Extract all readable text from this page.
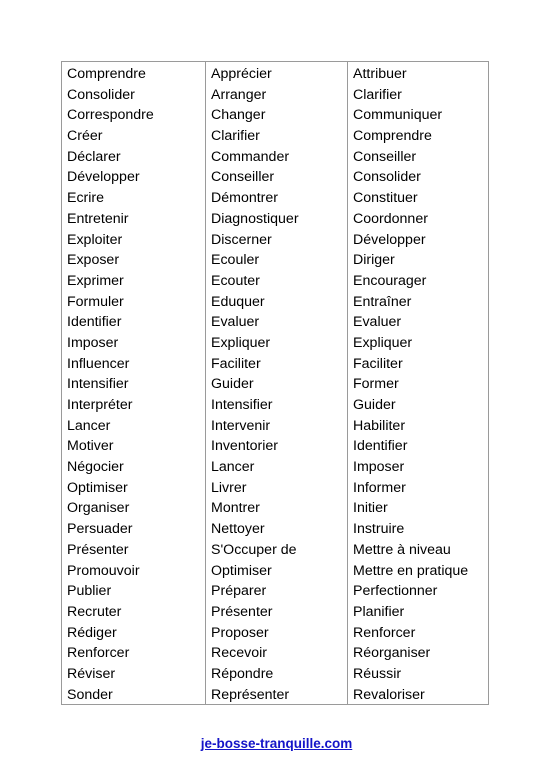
Comprendre
Consolider
Correspondre
Créer
Déclarer
Développer
Ecrire
Entretenir
Exploiter
Exposer
Exprimer
Formuler
Identifier
Imposer
Influencer
Intensifier
Interpréter
Lancer
Motiver
Négocier
Optimiser
Organiser
Persuader
Présenter
Promouvoir
Publier
Recruter
Rédiger
Renforcer
Réviser
Sonder
Apprécier
Arranger
Changer
Clarifier
Commander
Conseiller
Démontrer
Diagnostiquer
Discerner
Ecouler
Ecouter
Eduquer
Evaluer
Expliquer
Faciliter
Guider
Intensifier
Intervenir
Inventorier
Lancer
Livrer
Montrer
Nettoyer
S'Occuper de
Optimiser
Préparer
Présenter
Proposer
Recevoir
Répondre
Représenter
Attribuer
Clarifier
Communiquer
Comprendre
Conseiller
Consolider
Constituer
Coordonner
Développer
Diriger
Encourager
Entraîner
Evaluer
Expliquer
Faciliter
Former
Guider
Habiliter
Identifier
Imposer
Informer
Initier
Instruire
Mettre à niveau
Mettre en pratique
Perfectionner
Planifier
Renforcer
Réorganiser
Réussir
Revaloriser
je-bosse-tranquille.com
